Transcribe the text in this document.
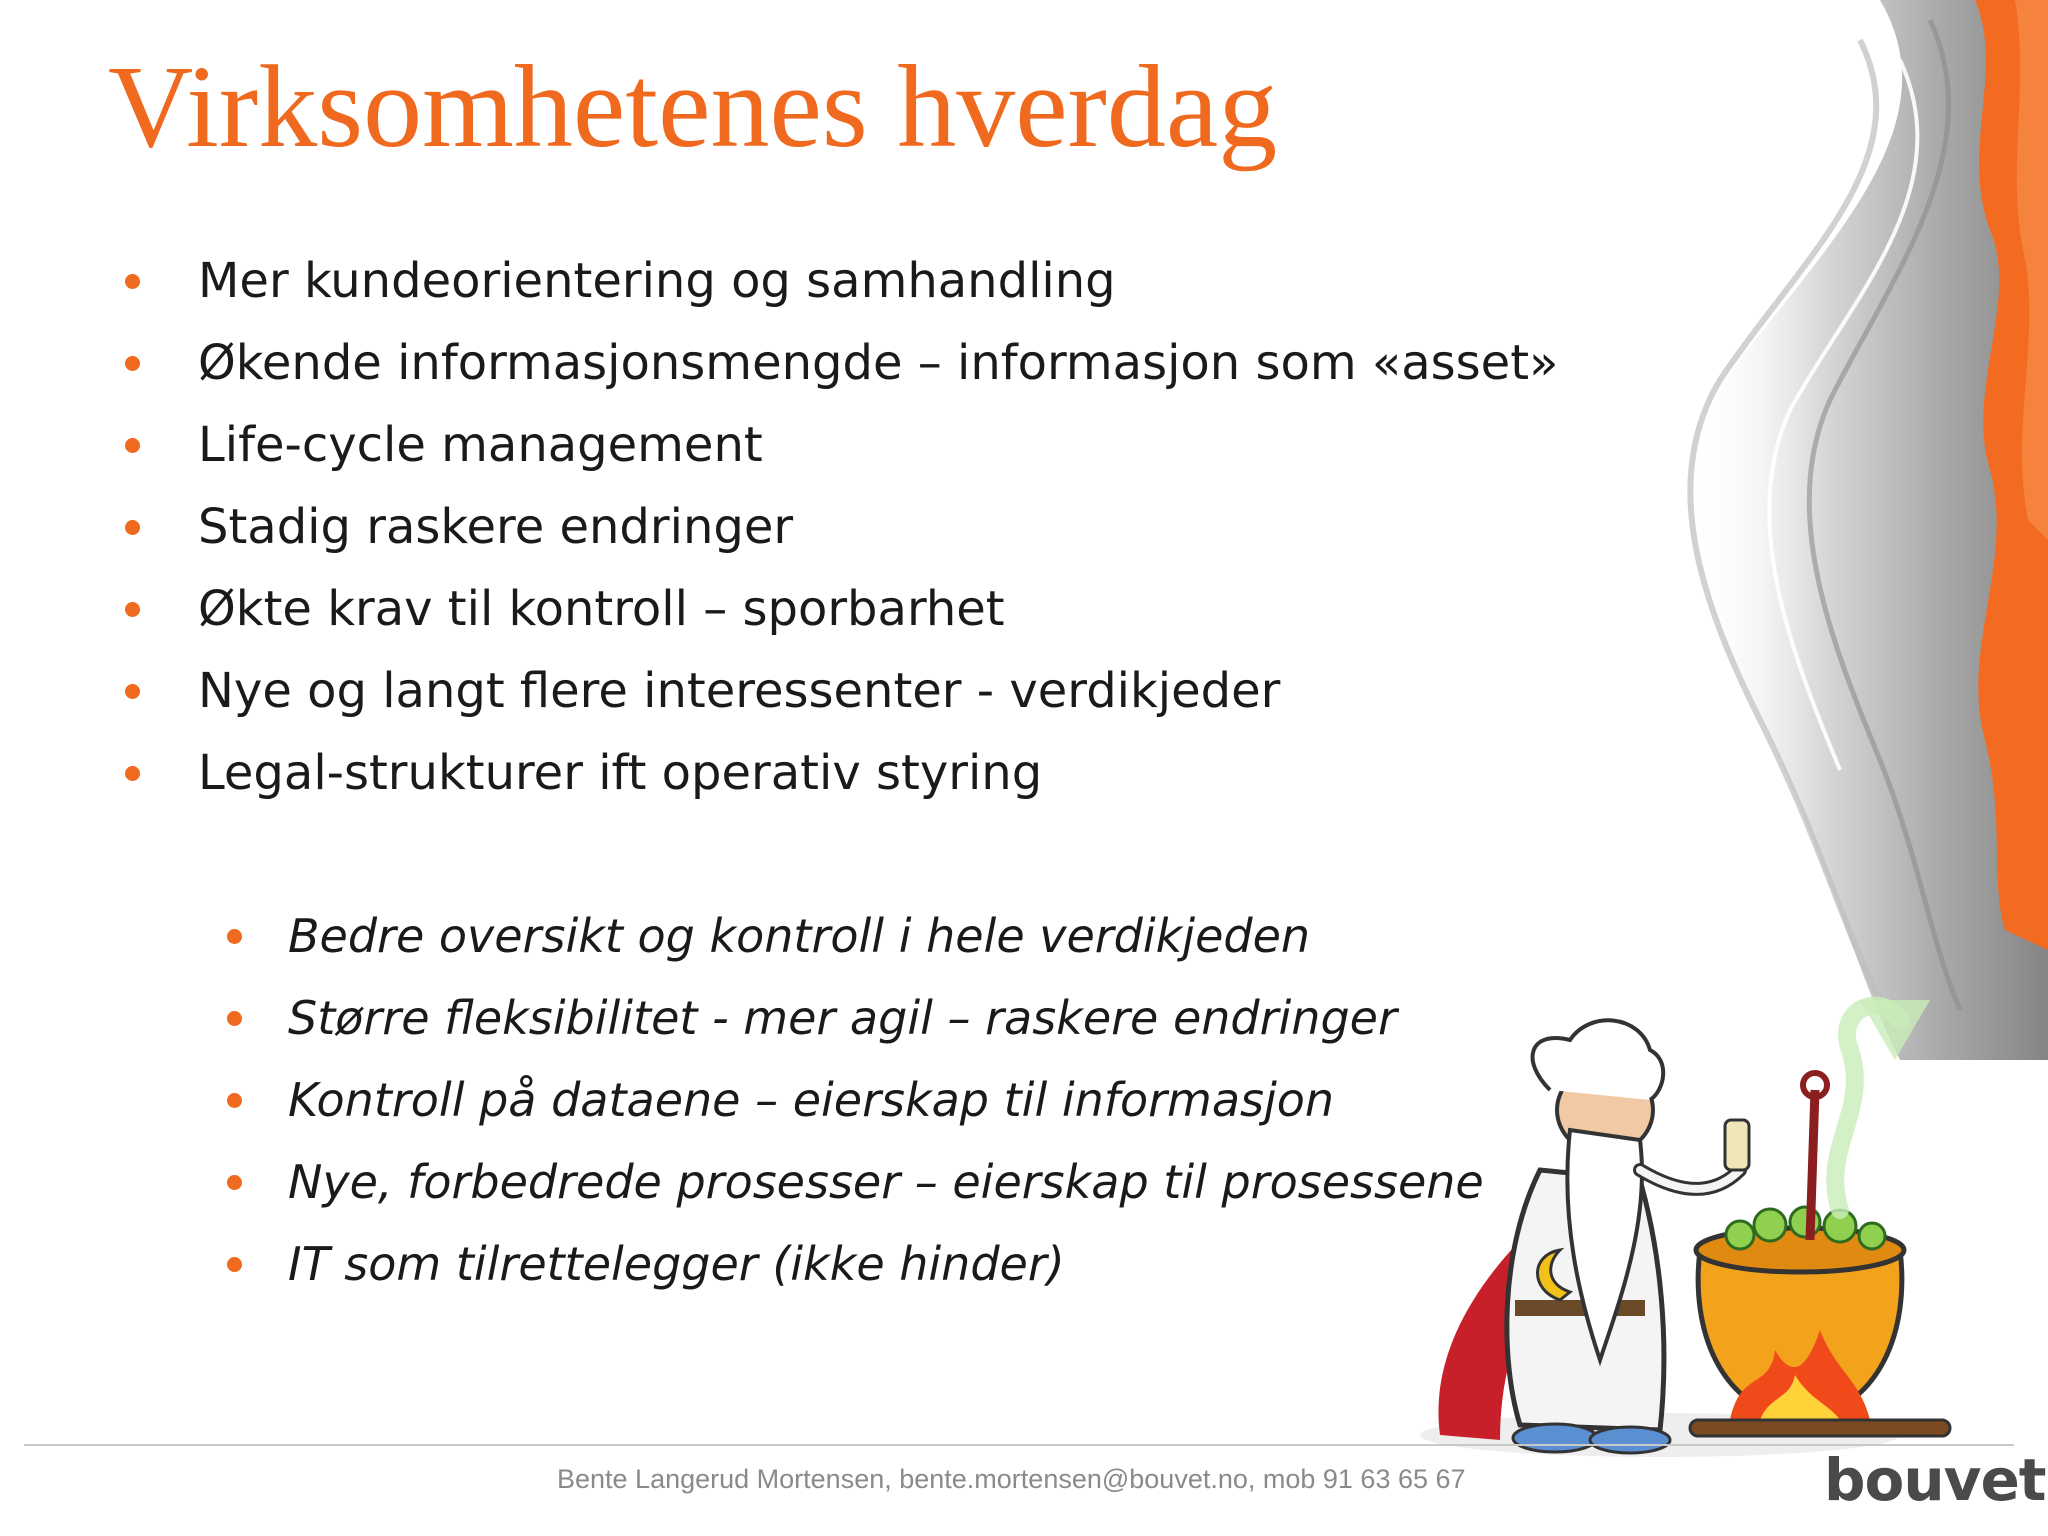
Virksomhetenes hverdag
Mer kundeorientering og samhandling
Økende informasjonsmengde – informasjon som «asset»
Life-cycle management
Stadig raskere endringer
Økte krav til kontroll – sporbarhet
Nye og langt flere interessenter - verdikjeder
Legal-strukturer ift operativ styring
Bedre oversikt og kontroll i hele verdikjeden
Større fleksibilitet - mer agil – raskere endringer
Kontroll på dataene – eierskap til informasjon
Nye, forbedrede prosesser – eierskap til prosessene
IT som tilrettelegger (ikke hinder)
Bente Langerud Mortensen, bente.mortensen@bouvet.no, mob 91 63 65 67	bouvet
